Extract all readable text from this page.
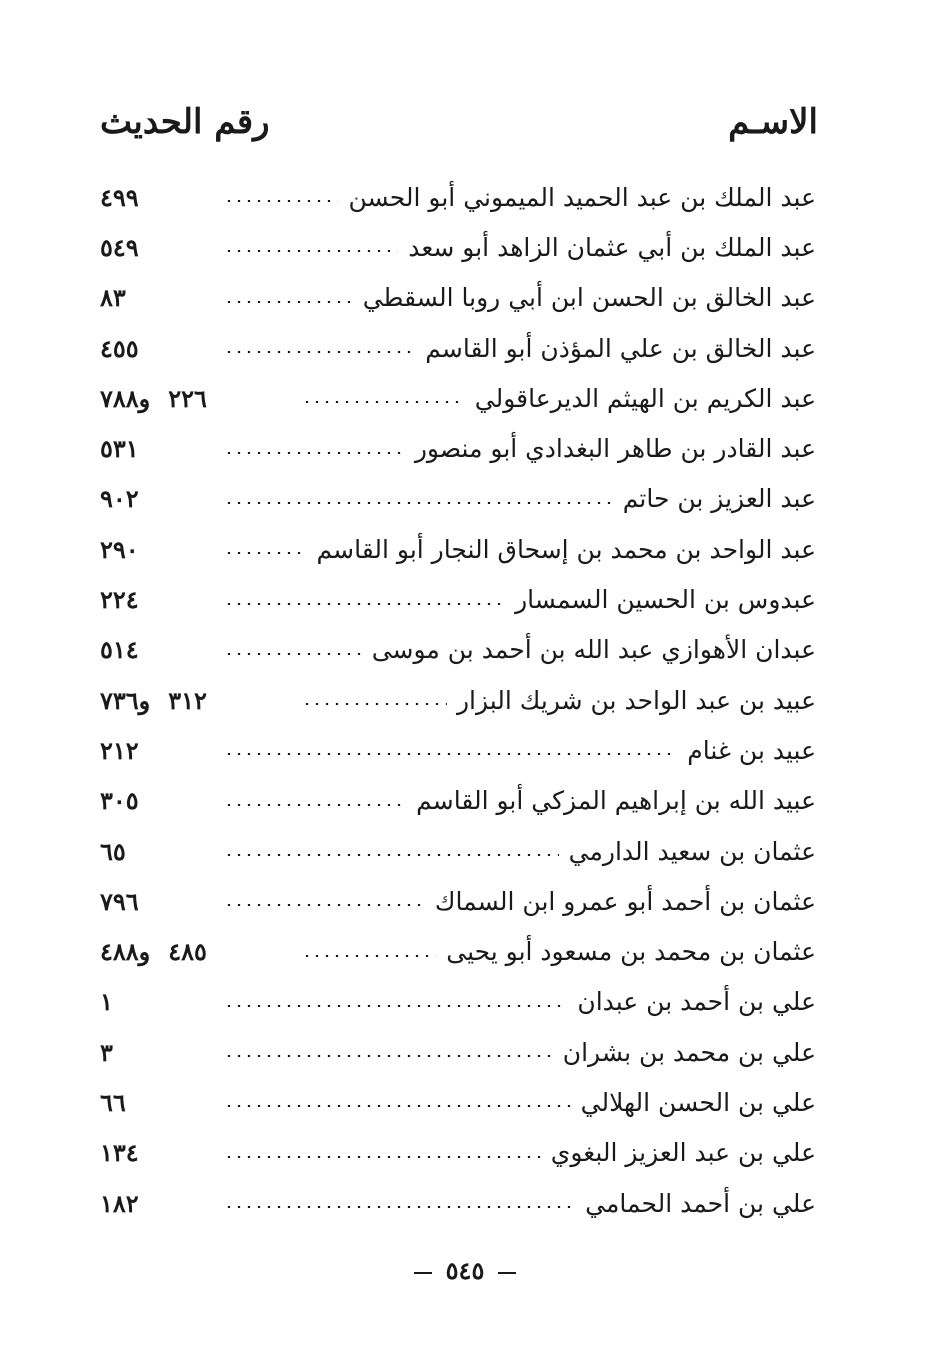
الاسـم
رقم الحديث
عبد الملك بن عبد الحميد الميموني أبو الحسن
٤٩٩
عبد الملك بن أبي عثمان الزاهد أبو سعد
٥٤٩
عبد الخالق بن الحسن ابن أبي روبا السقطي
٨٣
عبد الخالق بن علي المؤذن أبو القاسم
٤٥٥
عبد الكريم بن الهيثم الديرعاقولي
٢٢٦
و٧٨٨
عبد القادر بن طاهر البغدادي أبو منصور
٥٣١
عبد العزيز بن حاتم
٩٠٢
عبد الواحد بن محمد بن إسحاق النجار أبو القاسم
٢٩٠
عبدوس بن الحسين السمسار
٢٢٤
عبدان الأهوازي عبد الله بن أحمد بن موسى
٥١٤
عبيد بن عبد الواحد بن شريك البزار
٣١٢
و٧٣٦
عبيد بن غنام
٢١٢
عبيد الله بن إبراهيم المزكي أبو القاسم
٣٠٥
عثمان بن سعيد الدارمي
٦٥
عثمان بن أحمد أبو عمرو ابن السماك
٧٩٦
عثمان بن محمد بن مسعود أبو يحيى
٤٨٥
و٤٨٨
علي بن أحمد بن عبدان
١
علي بن محمد بن بشران
٣
علي بن الحسن الهلالي
٦٦
علي بن عبد العزيز البغوي
١٣٤
علي بن أحمد الحمامي
١٨٢
٥٤٥
